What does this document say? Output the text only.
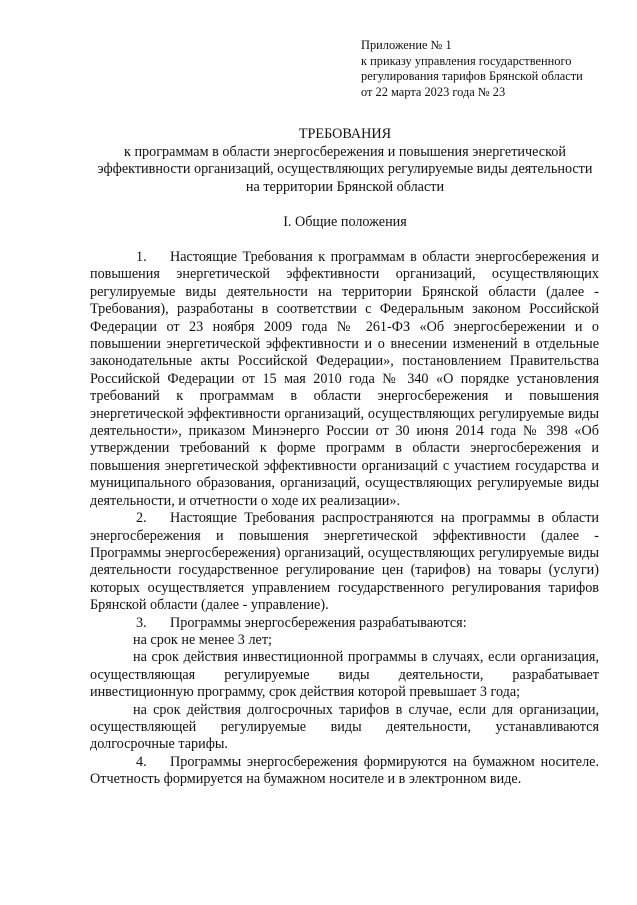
Приложение № 1
к приказу управления государственного
регулирования тарифов Брянской области
от 22 марта 2023 года № 23
ТРЕБОВАНИЯ
к программам в области энергосбережения и повышения энергетической эффективности организаций, осуществляющих регулируемые виды деятельности на территории Брянской области
I. Общие положения

1. Настоящие Требования к программам в области энергосбережения и повышения энергетической эффективности организаций, осуществляющих регулируемые виды деятельности на территории Брянской области (далее - Требования), разработаны в соответствии с Федеральным законом Российской Федерации от 23 ноября 2009 года № 261-ФЗ «Об энергосбережении и о повышении энергетической эффективности и о внесении изменений в отдельные законодательные акты Российской Федерации», постановлением Правительства Российской Федерации от 15 мая 2010 года № 340 «О порядке установления требований к программам в области энергосбережения и повышения энергетической эффективности организаций, осуществляющих регулируемые виды деятельности», приказом Минэнерго России от 30 июня 2014 года № 398 «Об утверждении требований к форме программ в области энергосбережения и повышения энергетической эффективности организаций с участием государства и муниципального образования, организаций, осуществляющих регулируемые виды деятельности, и отчетности о ходе их реализации».

2. Настоящие Требования распространяются на программы в области энергосбережения и повышения энергетической эффективности (далее - Программы энергосбережения) организаций, осуществляющих регулируемые виды деятельности государственное регулирование цен (тарифов) на товары (услуги) которых осуществляется управлением государственного регулирования тарифов Брянской области (далее - управление).

3. Программы энергосбережения разрабатываются:

на срок не менее 3 лет;

на срок действия инвестиционной программы в случаях, если организация, осуществляющая регулируемые виды деятельности, разрабатывает инвестиционную программу, срок действия которой превышает 3 года;

на срок действия долгосрочных тарифов в случае, если для организации, осуществляющей регулируемые виды деятельности, устанавливаются долгосрочные тарифы.

4. Программы энергосбережения формируются на бумажном носителе. Отчетность формируется на бумажном носителе и в электронном виде.
